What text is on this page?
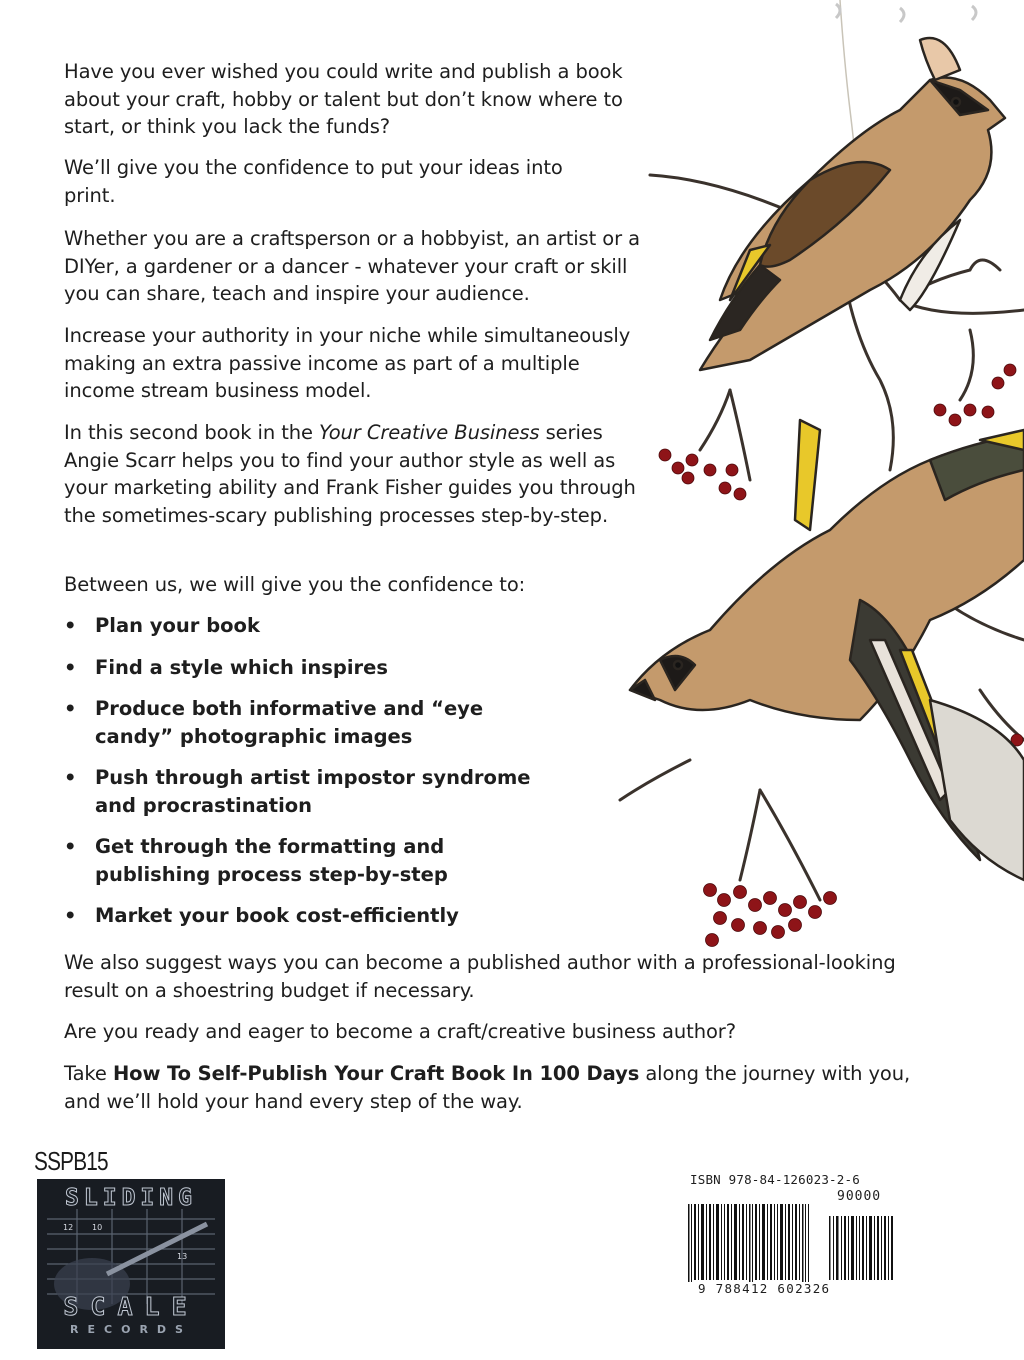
Have you ever wished you could write and publish a book about your craft, hobby or talent but don’t know where to start, or think you lack the funds?

We’ll give you the confidence to put your ideas into print.

Whether you are a craftsperson or a hobbyist, an artist or a DIYer, a gardener or a dancer - whatever your craft or skill you can share, teach and inspire your audience.

Increase your authority in your niche while simultaneously making an extra passive income as part of a multiple income stream business model.

In this second book in the Your Creative Business series Angie Scarr helps you to find your author style as well as your marketing ability and Frank Fisher guides you through the sometimes-scary publishing processes step-by-step.

Between us, we will give you the confidence to:

• Plan your book
• Find a style which inspires
• Produce both informative and “eye candy” photographic images
• Push through artist impostor syndrome and procrastination
• Get through the formatting and publishing process step-by-step
• Market your book cost-efficiently

We also suggest ways you can become a published author with a professional-looking result on a shoestring budget if necessary.

Are you ready and eager to become a craft/creative business author?

Take How To Self-Publish Your Craft Book In 100 Days along the journey with you, and we’ll hold your hand every step of the way.

SSPB15
12 10
13
SLIDING
SCALE
RECORDS
ISBN 978-84-126023-2-6
90000
9 788412 602326
